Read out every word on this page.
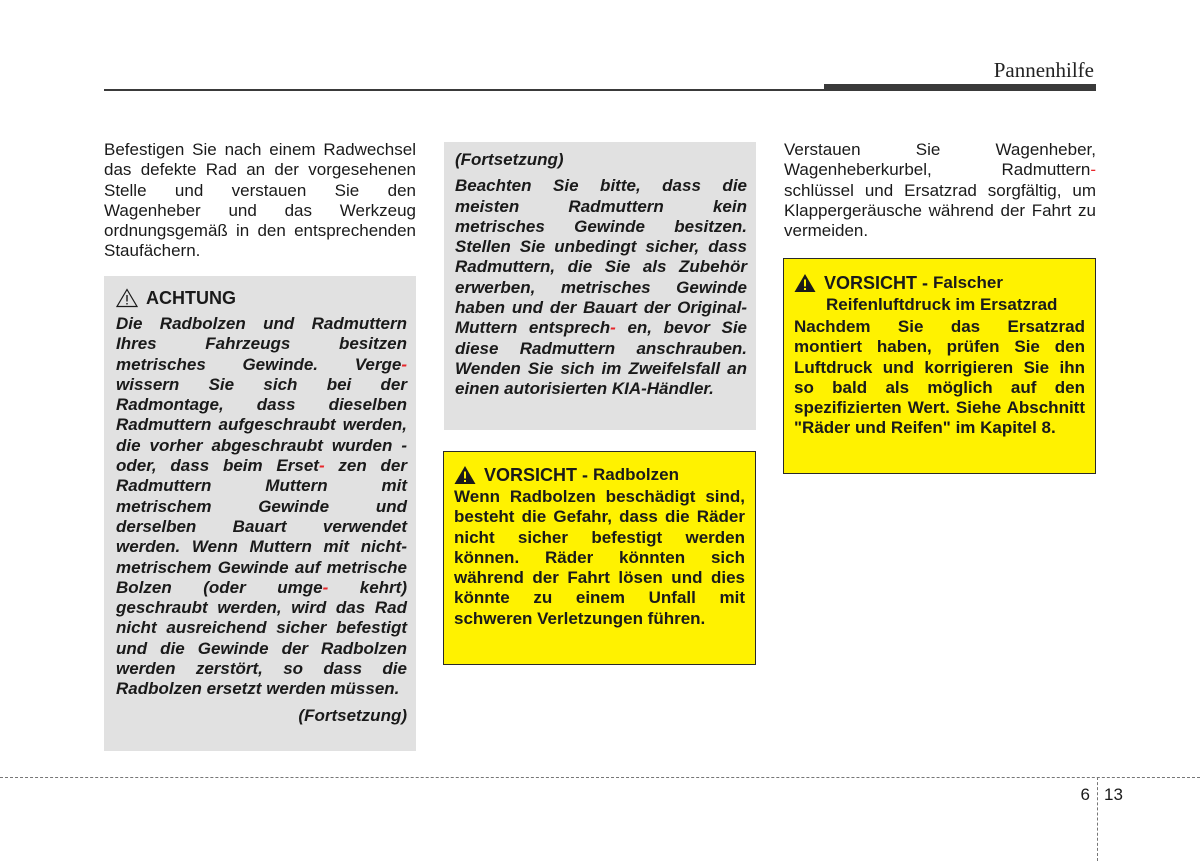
Pannenhilfe
Befestigen Sie nach einem Radwechsel das defekte Rad an der vorgesehenen Stelle und verstauen Sie den Wagenheber und das Werkzeug ordnungsgemäß in den entsprechenden Staufächern.
ACHTUNG
Die Radbolzen und Radmuttern Ihres Fahrzeugs besitzen metrisches Gewinde. Verge- wissern Sie sich bei der Radmontage, dass dieselben Radmuttern aufgeschraubt werden, die vorher abgeschraubt wurden - oder, dass beim Erset- zen der Radmuttern Muttern mit metrischem Gewinde und derselben Bauart verwendet werden. Wenn Muttern mit nicht-metrischem Gewinde auf metrische Bolzen (oder umge- kehrt) geschraubt werden, wird das Rad nicht ausreichend sicher befestigt und die Gewinde der Radbolzen werden zerstört, so dass die Radbolzen ersetzt werden müssen.
(Fortsetzung)
(Fortsetzung)
Beachten Sie bitte, dass die meisten Radmuttern kein metrisches Gewinde besitzen. Stellen Sie unbedingt sicher, dass Radmuttern, die Sie als Zubehör erwerben, metrisches Gewinde haben und der Bauart der Original-Muttern entsprech- en, bevor Sie diese Radmuttern anschrauben. Wenden Sie sich im Zweifelsfall an einen autorisierten KIA-Händler.
VORSICHT - Radbolzen
Wenn Radbolzen beschädigt sind, besteht die Gefahr, dass die Räder nicht sicher befestigt werden können. Räder könnten sich während der Fahrt lösen und dies könnte zu einem Unfall mit schweren Verletzungen führen.
Verstauen Sie Wagenheber, Wagenheberkurbel, Radmuttern- schlüssel und Ersatzrad sorgfältig, um Klappergeräusche während der Fahrt zu vermeiden.
VORSICHT - Falscher
Reifenluftdruck im Ersatzrad
Nachdem Sie das Ersatzrad montiert haben, prüfen Sie den Luftdruck und korrigieren Sie ihn so bald als möglich auf den spezifizierten Wert. Siehe Abschnitt "Räder und Reifen" im Kapitel 8.
6 13
